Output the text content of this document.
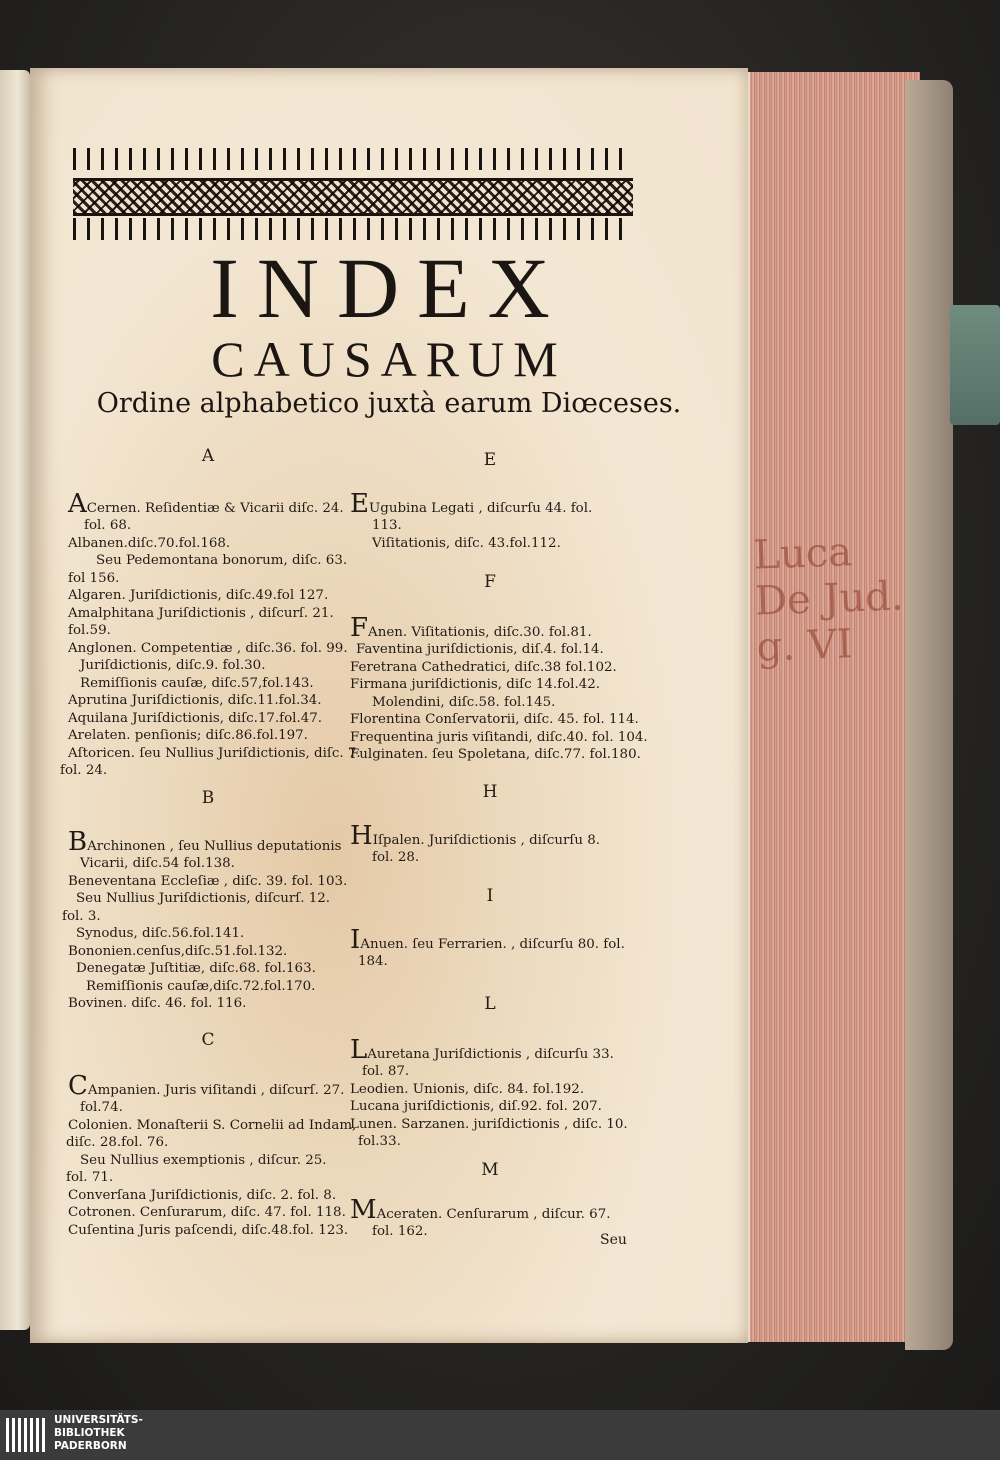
Luca De Jud. g. VI
INDEX
CAUSARUM
Ordine alphabetico juxtà earum Diœceses.

A

ACernen. Reſidentiæ & Vicarii diſc. 24.

fol. 68.

Albanen.diſc.70.fol.168.

Seu Pedemontana bonorum, diſc. 63.

fol 156.

Algaren. Juriſdictionis, diſc.49.fol 127.

Amalphitana Juriſdictionis , diſcurſ. 21.

fol.59.

Anglonen. Competentiæ , diſc.36. fol. 99.

Juriſdictionis, diſc.9. fol.30.

Remiſſionis cauſæ, diſc.57,fol.143.

Aprutina Juriſdictionis, diſc.11.fol.34.

Aquilana Juriſdictionis, diſc.17.fol.47.

Arelaten. penſionis; diſc.86.fol.197.

Aſtoricen. ſeu Nullius Juriſdictionis, diſc. 7.

fol. 24.

B

BArchinonen , ſeu Nullius deputationis

Vicarii, diſc.54 fol.138.

Beneventana Eccleſiæ , diſc. 39. fol. 103.

Seu Nullius Juriſdictionis, diſcurſ. 12.

fol. 3.

Synodus, diſc.56.fol.141.

Bononien.cenſus,diſc.51.fol.132.

Denegatæ Juſtitiæ, diſc.68. fol.163.

Remiſſionis cauſæ,diſc.72.fol.170.

Bovinen. diſc. 46. fol. 116.

C

CAmpanien. Juris viſitandi , diſcurſ. 27.

fol.74.

Colonien. Monaſterii S. Cornelii ad Indam,

diſc. 28.fol. 76.

Seu Nullius exemptionis , diſcur. 25.

fol. 71.

Converſana Juriſdictionis, diſc. 2. fol. 8.

Cotronen. Cenſurarum, diſc. 47. fol. 118.

Cuſentina Juris paſcendi, diſc.48.fol. 123.

E

EUgubina Legati , diſcurſu 44. fol.

113.

Viſitationis, diſc. 43.fol.112.

F

FAnen. Viſitationis, diſc.30. fol.81.

Faventina juriſdictionis, diſ.4. fol.14.

Feretrana Cathedratici, diſc.38 fol.102.

Firmana juriſdictionis, diſc 14.fol.42.

Molendini, diſc.58. fol.145.

Florentina Conſervatorii, diſc. 45. fol. 114.

Frequentina juris viſitandi, diſc.40. fol. 104.

Fulginaten. ſeu Spoletana, diſc.77. fol.180.

H

HIſpalen. Juriſdictionis , diſcurſu 8.

fol. 28.

I

IAnuen. ſeu Ferrarien. , diſcurſu 80. fol.

184.

L

LAuretana Juriſdictionis , diſcurſu 33.

fol. 87.

Leodien. Unionis, diſc. 84. fol.192.

Lucana juriſdictionis, diſ.92. fol. 207.

Lunen. Sarzanen. juriſdictionis , diſc. 10.

fol.33.

M

MAceraten. Cenſurarum , diſcur. 67.

fol. 162.

Seu
UNIVERSITÄTS-
BIBLIOTHEK
PADERBORN
